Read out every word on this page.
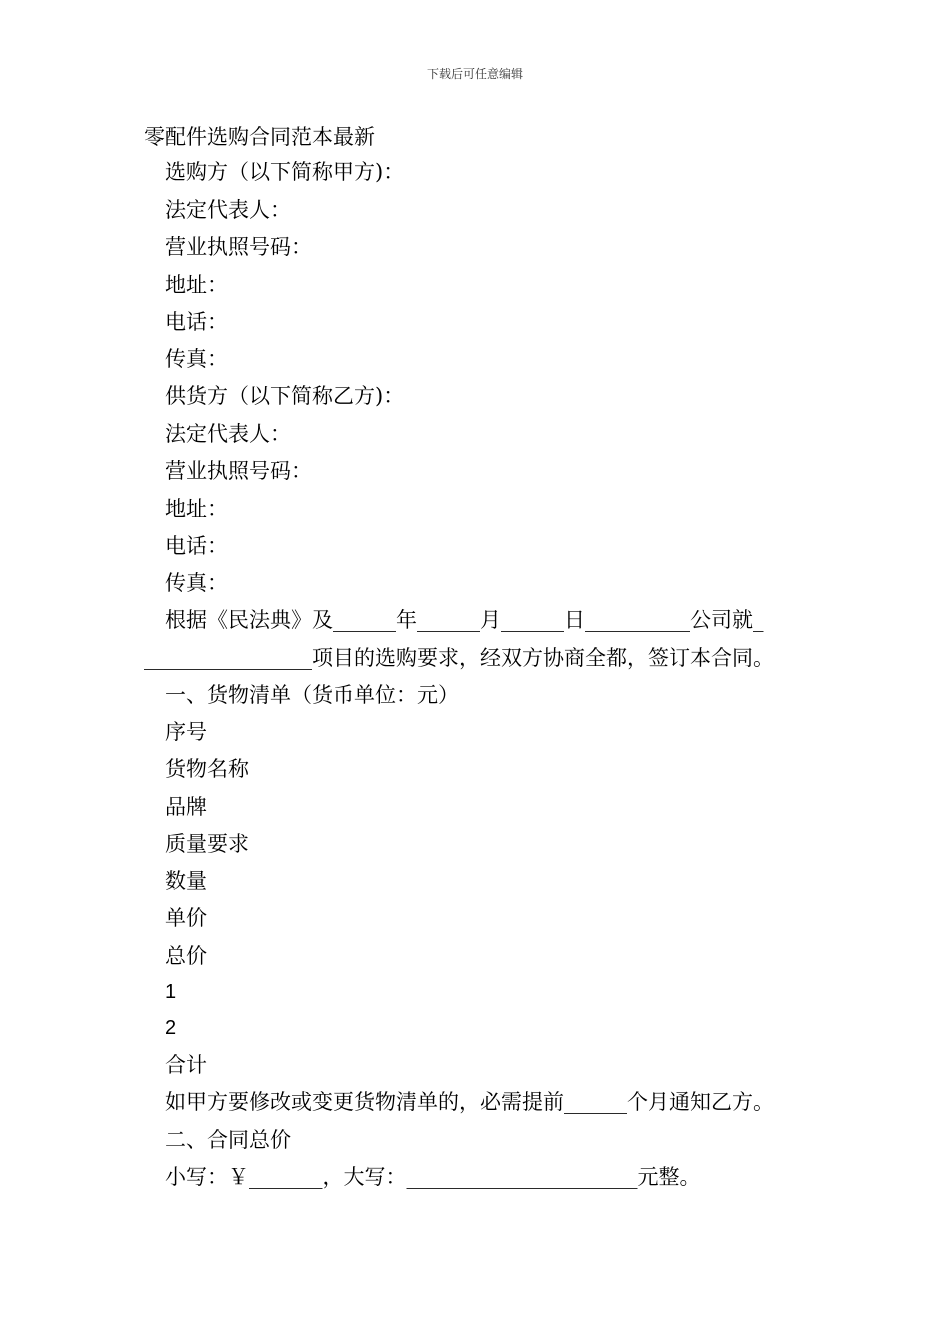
下载后可任意编辑
零配件选购合同范本最新
选购方（以下简称甲方)：
法定代表人：
营业执照号码：
地址：
电话：
传真：
供货方（以下简称乙方)：
法定代表人：
营业执照号码：
地址：
电话：
传真：
根据《民法典》及______年______月______日__________公司就_
________________项目的选购要求，经双方协商全都，签订本合同。
一、货物清单（货币单位：元）
序号
货物名称
品牌
质量要求
数量
单价
总价
1
2
合计
如甲方要修改或变更货物清单的，必需提前______个月通知乙方。
二、合同总价
小写：￥_______，大写：______________________元整。
